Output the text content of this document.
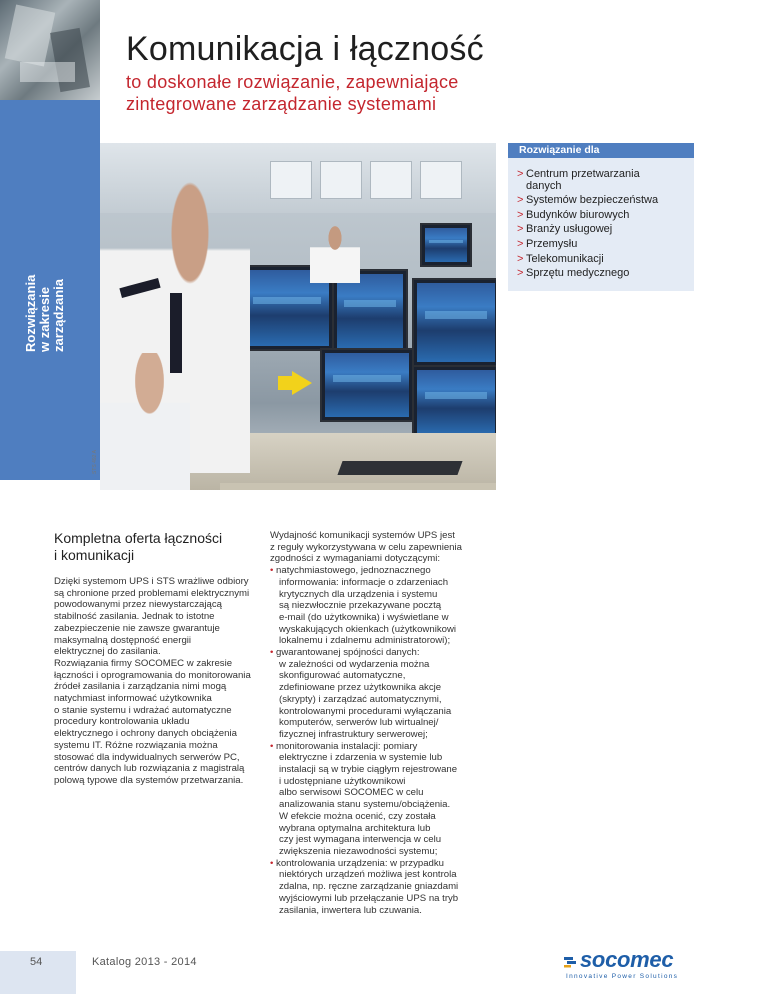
Rozwiązania w zakresie zarządzania
Komunikacja i łączność
to doskonałe rozwiązanie, zapewniające
zintegrowane zarządzanie systemami
STS 492 A
Rozwiązanie dla
> Centrum przetwarzania
danych
> Systemów bezpieczeństwa
> Budynków biurowych
> Branży usługowej
> Przemysłu
> Telekomunikacji
> Sprzętu medycznego
Kompletna oferta łączności
i komunikacji

Dzięki systemom UPS i STS wrażliwe odbiory
są chronione przed problemami elektrycznymi
powodowanymi przez niewystarczającą
stabilność zasilania. Jednak to istotne
zabezpieczenie nie zawsze gwarantuje
maksymalną dostępność energii
elektrycznej do zasilania.
Rozwiązania firmy SOCOMEC w zakresie
łączności i oprogramowania do monitorowania
źródeł zasilania i zarządzania nimi mogą
natychmiast informować użytkownika
o stanie systemu i wdrażać automatyczne
procedury kontrolowania układu
elektrycznego i ochrony danych obciążenia
systemu IT. Różne rozwiązania można
stosować dla indywidualnych serwerów PC,
centrów danych lub rozwiązania z magistralą
polową typowe dla systemów przetwarzania.

Wydajność komunikacji systemów UPS jest
z reguły wykorzystywana w celu zapewnienia
zgodności z wymaganiami dotyczącymi:
• natychmiastowego, jednoznacznego
informowania: informacje o zdarzeniach
krytycznych dla urządzenia i systemu
są niezwłocznie przekazywane pocztą
e-mail (do użytkownika) i wyświetlane w
wyskakujących okienkach (użytkownikowi
lokalnemu i zdalnemu administratorowi);
• gwarantowanej spójności danych:
w zależności od wydarzenia można
skonfigurować automatyczne,
zdefiniowane przez użytkownika akcje
(skrypty) i zarządzać automatycznymi,
kontrolowanymi procedurami wyłączania
komputerów, serwerów lub wirtualnej/
fizycznej infrastruktury serwerowej;
• monitorowania instalacji: pomiary
elektryczne i zdarzenia w systemie lub
instalacji są w trybie ciągłym rejestrowane
i udostępniane użytkownikowi
albo serwisowi SOCOMEC w celu
analizowania stanu systemu/obciążenia.
W efekcie można ocenić, czy została
wybrana optymalna architektura lub
czy jest wymagana interwencja w celu
zwiększenia niezawodności systemu;
• kontrolowania urządzenia: w przypadku
niektórych urządzeń możliwa jest kontrola
zdalna, np. ręczne zarządzanie gniazdami
wyjściowymi lub przełączanie UPS na tryb
zasilania, inwertera lub czuwania.
54	Katalog 2013 - 2014	socomec
Innovative Power Solutions
